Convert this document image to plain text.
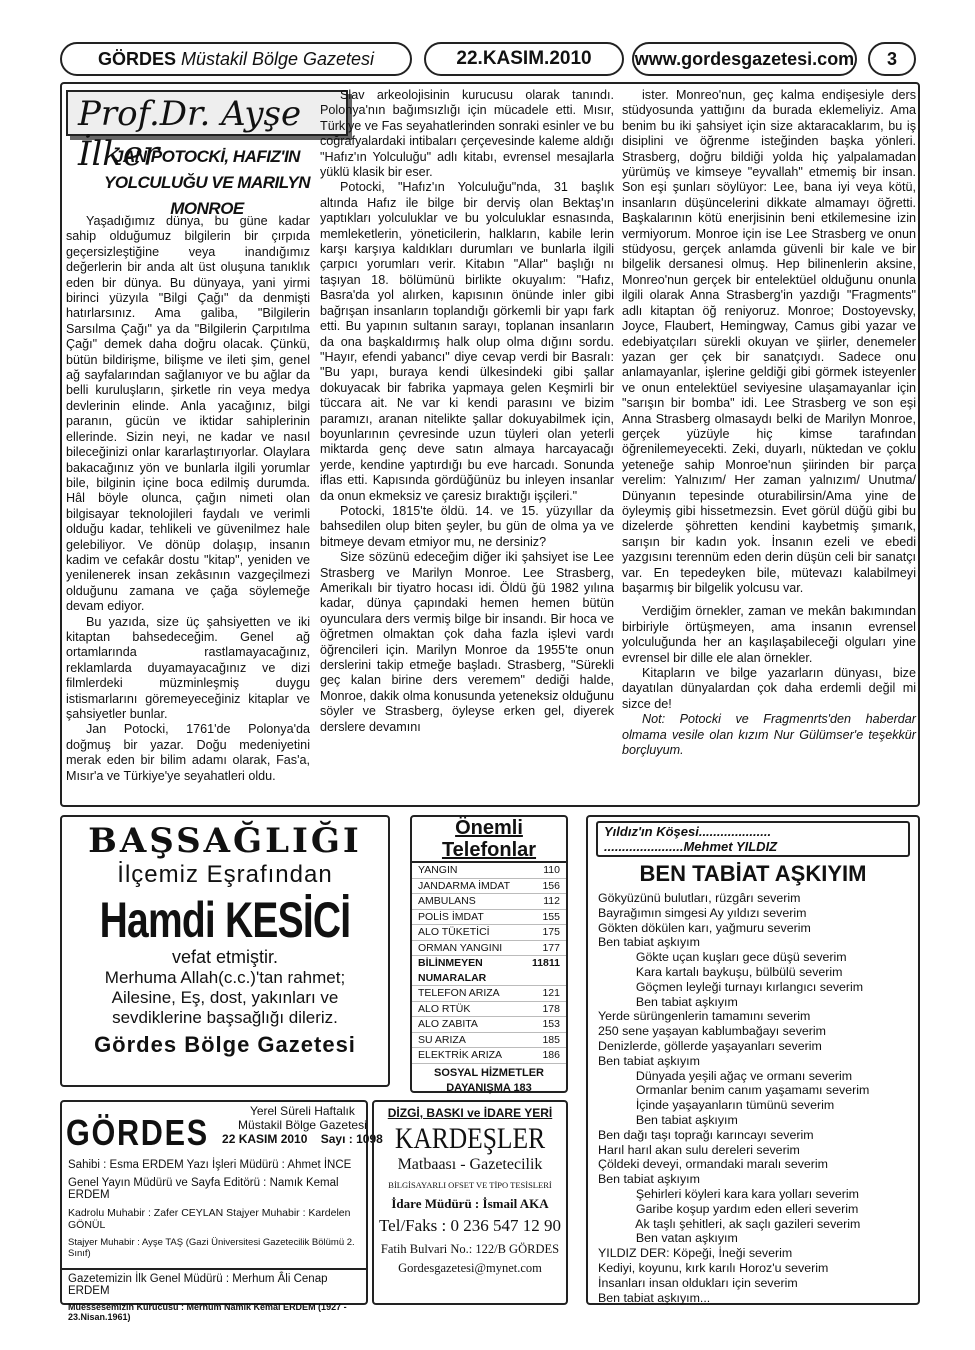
GÖRDES
Müstakil Bölge Gazetesi	22.KASIM.2010 www.gordesgazetesi.com 3
Prof.Dr. Ayşe İlker
JAN POTOCKİ, HAFIZ'IN
YOLCULUĞU VE MARILYN MONROE

Yaşadığımız dünya, bu güne kadar sahip olduğumuz bilgilerin bir çırpıda geçersizleştiğine veya inandığımız değerlerin bir anda alt üst oluşuna tanıklık eden bir dünya. Bu dünyaya, yani yirmi birinci yüzyıla "Bilgi Çağı" da denmişti hatırlarsınız. Ama galiba, "Bilgilerin Sarsılma Çağı" ya da "Bilgilerin Çarpıtılma Çağı" demek daha doğru olacak. Çünkü, bütün bildirişme, bilişme ve ileti şim, genel ağ sayfalarından sağlanıyor ve bu ağlar da belli kuruluşların, şirketle rin veya medya devlerinin elinde. Anla yacağınız, bilgi paranın, gücün ve iktidar sahiplerinin ellerinde. Sizin neyi, ne kadar ve nasıl bileceğinizi onlar kararlaştırıyorlar. Olaylara bakacağınız yön ve bunlarla ilgili yorumlar bile, bilginin içine boca edilmiş durumda. Hâl böyle olunca, çağın nimeti olan bilgisayar teknolojileri faydalı ve verimli olduğu kadar, tehlikeli ve güvenilmez hale gelebiliyor. Ve dönüp dolaşıp, insanın kadim ve cefakâr dostu "kitap", yeniden ve yenilenerek insan zekâsının vazgeçilmezi olduğunu zamana ve çağa söylemeğe devam ediyor.

Bu yazıda, size üç şahsiyetten ve iki kitaptan bahsedeceğim. Genel ağ ortamlarında rastlamayacağınız, reklamlarda duyamayacağınız ve dizi filmlerdeki müzminleşmiş duygu istismarlarını göremeyeceğiniz kitaplar ve şahsiyetler bunlar.

Jan Potocki, 1761'de Polonya'da doğmuş bir yazar. Doğu medeniyetini merak eden bir bilim adamı olarak, Fas'a, Mısır'a ve Türkiye'ye seyahatleri oldu.

Slav arkeolojisinin kurucusu olarak tanındı. Polonya'nın bağımsızlığı için mücadele etti. Mısır, Türkiye ve Fas seyahatlerinden sonraki esinler ve bu coğrafyalardaki intibaları çerçevesinde kaleme aldığı "Hafız'ın Yolculuğu" adlı kitabı, evrensel mesajlarla yüklü klasik bir eser.

Potocki, "Hafız'ın Yolculuğu"nda, 31 başlık altında Hafız ile bilge bir derviş olan Bektaş'ın yaptıkları yolculuklar ve bu yolculuklar esnasında, memleketlerin, yöneticilerin, halkların, kabile lerin karşı karşıya kaldıkları durumları ve bunlarla ilgili çarpıcı yorumları verir. Kitabın "Allar" başlığı nı taşıyan 18. bölümünü birlikte okuyalım: "Hafız, Basra'da yol alırken, kapısının önünde inler gibi bağrışan insanların toplandığı görkemli bir yapı fark etti. Bu yapının sultanın sarayı, toplanan insanların da ona başkaldırmış halk olup olma dığını sordu. "Hayır, efendi yabancı" diye cevap verdi bir Basralı: "Bu yapı, buraya kendi ülkesindeki gibi şallar dokuyacak bir fabrika yapmaya gelen Keşmirli bir tüccara ait. Ne var ki kendi parasını ve bizim paramızı, aranan nitelikte şallar dokuyabilmek için, boyunlarının çevresinde uzun tüyleri olan yeterli miktarda genç deve satın almaya harcayacağı yerde, kendine yaptırdığı bu eve harcadı. Sonunda iflas etti. Kapısında gördüğünüz bu inleyen insanlar da onun ekmeksiz ve çaresiz bıraktığı işçileri."

Potocki, 1815'te öldü. 14. ve 15. yüzyıllar da bahsedilen olup biten şeyler, bu gün de olma ya ve bitmeye devam etmiyor mu, ne dersiniz?

Size sözünü edeceğim diğer iki şahsiyet ise Lee Strasberg ve Marilyn Monroe. Lee Strasberg, Amerikalı bir tiyatro hocası idi. Öldü ğü 1982 yılına kadar, dünya çapındaki hemen hemen bütün oyunculara ders vermiş bilge bir insandı. Bir hoca ve öğretmen olmaktan çok daha fazla işlevi vardı öğrencileri için. Marilyn Monroe da 1955'te onun derslerini takip etmeğe başladı. Strasberg, "Sürekli geç kalan birine ders veremem" dediği halde, Monroe, dakik olma konusunda yeteneksiz olduğunu söyler ve Strasberg, öyleyse erken gel, diyerek derslere devamını

ister. Monreo'nun, geç kalma endişesiyle ders stüdyosunda yattığını da burada eklemeliyiz. Ama benim bu iki şahsiyet için size aktaracaklarım, bu iş disiplini ve öğrenme isteğinden başka yönleri. Strasberg, doğru bildiği yolda hiç yalpalamadan yürümüş ve kimseye "eyvallah" etmemiş bir insan. Son eşi şunları söylüyor: Lee, bana iyi veya kötü, insanların düşüncelerini dikkate almamayı öğretti. Başkalarının kötü enerjisinin beni etkilemesine izin vermiyorum. Monroe için ise Lee Strasberg ve onun stüdyosu, gerçek anlamda güvenli bir kale ve bir bilgelik dersanesi olmuş. Hep bilinenlerin aksine, Monreo'nun gerçek bir entelektüel olduğunu onunla ilgili olarak Anna Strasberg'in yazdığı "Fragments" adlı kitaptan öğ reniyoruz. Monroe; Dostoyevsky, Joyce, Flaubert, Hemingway, Camus gibi yazar ve edebiyatçıları sürekli okuyan ve şiirler, denemeler yazan ger çek bir sanatçıydı. Sadece onu anlamayanlar, işlerine geldiği gibi görmek isteyenler ve onun entelektüel seviyesine ulaşamayanlar için "sarışın bir bomba" idi. Lee Strasberg ve son eşi Anna Strasberg olmasaydı belki de Marilyn Monroe, gerçek yüzüyle hiç kimse tarafından öğrenilemeyecekti. Zeki, duyarlı, nüktedan ve çoklu yeteneğe sahip Monroe'nun şiirinden bir parça verelim: Yalnızım/ Her zaman yalnızım/ Unutma/ Dünyanın tepesinde oturabilirsin/Ama yine de öyleymiş gibi hissetmezsin. Evet görül düğü gibi bu dizelerde şöhretten kendini kaybetmiş şımarık, sarışın bir kadın yok. İnsanın ezeli ve ebedi yazgısını terennüm eden derin düşün celi bir sanatçı var. En tepedeyken bile, mütevazı kalabilmeyi başarmış bir bilgelik yolcusu var.

Verdiğim örnekler, zaman ve mekân bakımından birbiriyle örtüşmeyen, ama insanın evrensel yolculuğunda her an kaşılaşabileceği olguları yine evrensel bir dille ele alan örnekler.

Kitapların ve bilge yazarların dünyası, bize dayatılan dünyalardan çok daha erdemli değil mi sizce de!

Not: Potocki ve Fragmenrts'den haberdar olmama vesile olan kızım Nur Gülümser'e teşekkür borçluyum.

BAŞSAĞLIĞI
İlçemiz Eşrafından
Hamdi KESİCİ
vefat etmiştir.
Merhuma Allah(c.c.)'tan rahmet;
Ailesine, Eş, dost, yakınları ve
sevdiklerine başsağlığı dileriz.
Gördes Bölge Gazetesi
Önemli
Telefonlar
YANGIN	110
JANDARMA İMDAT	156
AMBULANS	112
POLİS İMDAT	155
ALO TÜKETİCİ	175
ORMAN YANGINI	177
BİLİNMEYEN NUMARALAR
11811
TELEFON ARIZA	121
ALO RTÜK	178
ALO ZABITA	153
SU ARIZA	185
ELEKTRİK ARIZA	186
SOSYAL HİZMETLER
DAYANIŞMA 183
Yıldız'ın Köşesi....................
......................Mehmet YILDIZ
BEN TABİAT AŞKIYIM
Gökyüzünü bulutları, rüzgârı severim
Bayrağımın simgesi Ay yıldızı severim
Gökten dökülen karı, yağmuru severim
Ben tabiat aşkıyım
Gökte uçan kuşları gece düşü severim
Kara kartalı baykuşu, bülbülü severim
Göçmen leyleği turnayı kırlangıcı severim
Ben tabiat aşkıyım
Yerde sürüngenlerin tamamını severim
250 sene yaşayan kablumbağayı severim
Denizlerde, göllerde yaşayanları severim
Ben tabiat aşkıyım
Dünyada yeşili ağaç ve ormanı severim
Ormanlar benim canım yaşamamı severim
İçinde yaşayanların tümünü severim
Ben tabiat aşkıyım
Ben dağı taşı toprağı karıncayı severim
Harıl harıl akan sulu dereleri severim
Çöldeki deveyi, ormandaki maralı severim
Ben tabiat aşkıyım
Şehirleri köyleri kara kara yolları severim
Garibe koşup yardım eden elleri severim
Ak taşlı şehitleri, ak saçlı gazileri severim
Ben vatan aşkıyım
YILDIZ DER: Köpeği, İneği severim
Kediyi, koyunu, kırk karılı Horoz'u severim
İnsanları insan oldukları için severim
Ben tabiat aşkıyım...
GÖRDES
Yerel Süreli Haftalık
Müstakil Bölge Gazetesi
22 KASIM 2010    Sayı : 1098
Sahibi : Esma ERDEM Yazı İşleri Müdürü : Ahmet İNCE
Genel Yayın Müdürü ve Sayfa Editörü : Namık Kemal ERDEM
Kadrolu Muhabir : Zafer CEYLAN Stajyer Muhabir : Kardelen GÖNÜL
Stajyer Muhabir : Ayşe TAŞ (Gazi Üniversitesi Gazetecilik Bölümü 2. Sınıf)
Gazetemizin İlk Genel Müdürü : Merhum Âli Cenap ERDEM
Müessesemizin Kurucusu : Merhum Namık Kemal ERDEM (1927 - 23.Nisan.1961)
DİZGİ, BASKI ve İDARE YERİ
KARDEŞLER
Matbaası - Gazetecilik
BİLGİSAYARLI OFSET VE TİPO TESİSLERİ
İdare Müdürü : İsmail AKA
Tel/Faks : 0 236 547 12 90
Fatih Bulvari No.: 122/B GÖRDES
Gordesgazetesi@mynet.com
